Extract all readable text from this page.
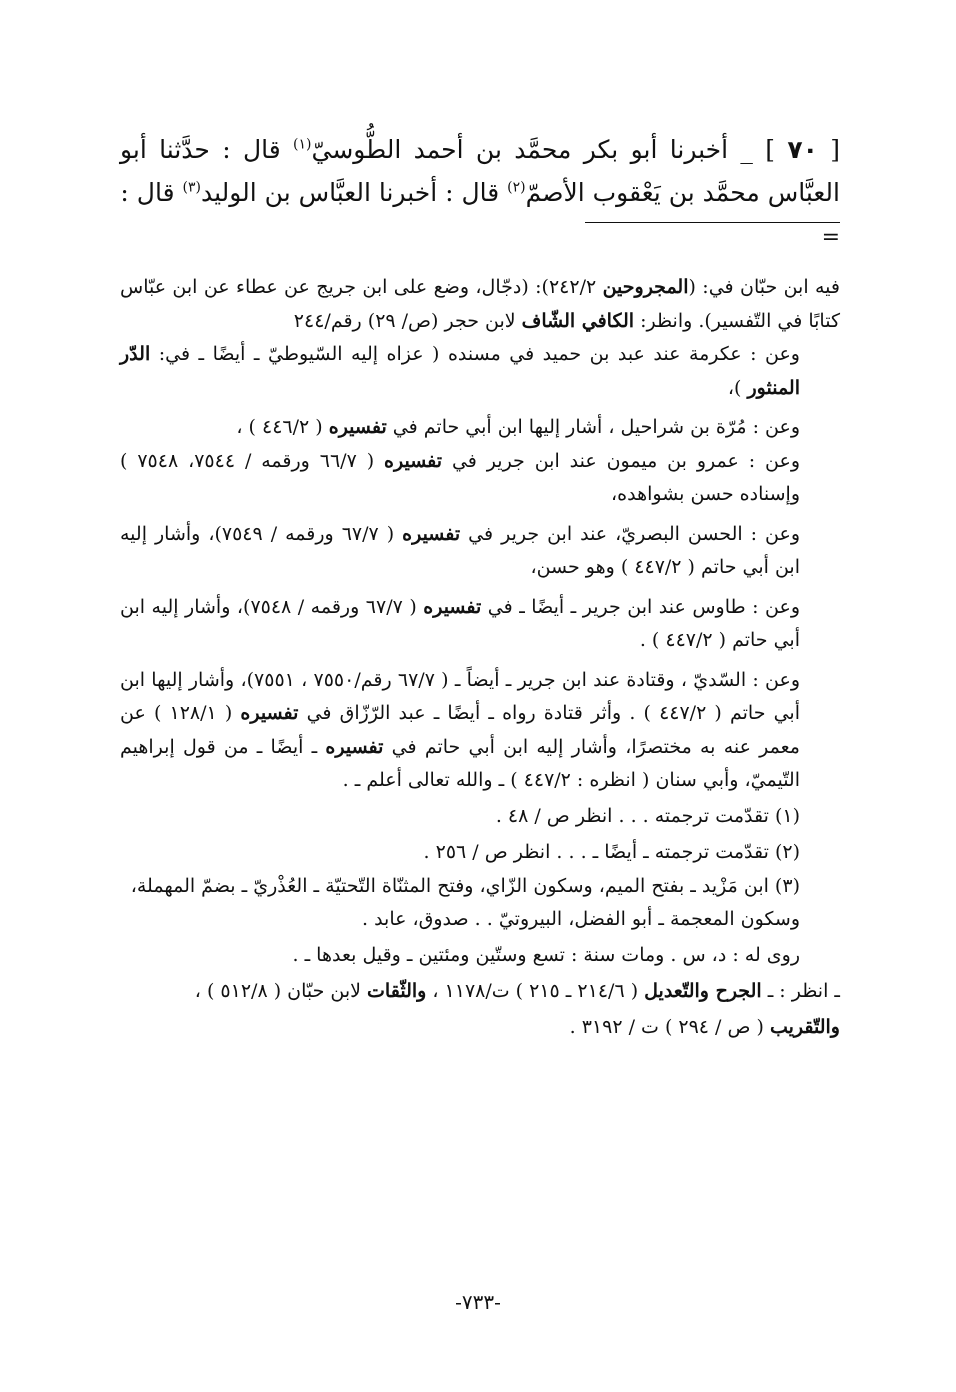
[ ٧٠ ] _ أخبرنا أبو بكر محمَّد بن أحمد الطُّوسيّ$^{(١)}$ قال : حدَّثنا أبو العبَّاس محمَّد بن يَعْقوب الأصمّ$^{(٢)}$ قال : أخبرنا العبَّاس بن الوليد$^{(٣)}$ قال :

=

فيه ابن حبّان في: (المجروحين ٢٤٢/٢): (دجّال، وضع على ابن جريج عن عطاء عن ابن عبّاس كتابًا في التّفسير). وانظر: الكافي الشّاف لابن حجر (ص/ ٢٩) رقم/٢٤٤

وعن : عكرمة عند عبد بن حميد في مسنده ( عزاه إليه السّيوطيّ ـ أيضًا ـ في: الدّر المنثور )،

وعن : مُرّة بن شراحيل ، أشار إليها ابن أبي حاتم في تفسيره ( ٤٤٦/٢ ) ،

وعن : عمرو بن ميمون عند ابن جرير في تفسيره ( ٦٦/٧ ورقمه / ٧٥٤٤، ٧٥٤٨ ) وإسناده حسن بشواهده،

وعن : الحسن البصريّ، عند ابن جرير في تفسيره ( ٦٧/٧ ورقمه / ٧٥٤٩)، وأشار إليه ابن أبي حاتم ( ٤٤٧/٢ ) وهو حسن،

وعن : طاوس عند ابن جرير ـ أيضًا ـ في تفسيره ( ٦٧/٧ ورقمه / ٧٥٤٨)، وأشار إليه ابن أبي حاتم ( ٤٤٧/٢ ) .

وعن : السّديّ ، وقتادة عند ابن جرير ـ أيضاً ـ ( ٦٧/٧ رقم/٧٥٥٠ ، ٧٥٥١)، وأشار إليها ابن أبي حاتم ( ٤٤٧/٢ ) . وأثر قتادة رواه ـ أيضًا ـ عبد الرّزّاق في تفسيره ( ١٢٨/١ ) عن معمر عنه به مختصرًا، وأشار إليه ابن أبي حاتم في تفسيره ـ أيضًا ـ من قول إبراهيم التّيميّ، وأبي سنان ( انظره : ٤٤٧/٢ ) ـ والله تعالى أعلم ـ .

(١) تقدّمت ترجمته . . . انظر ص / ٤٨ .

(٢) تقدّمت ترجمته ـ أيضًا ـ . . . انظر ص / ٢٥٦ .

(٣) ابن مَزْيد ـ بفتح الميم، وسكون الزّاي، وفتح المثنّاة التّحتيّة ـ العُذْريّ ـ بضمّ المهملة، وسكون المعجمة ـ أبو الفضل، البيروتيّ . . صدوق، عابد .

روى له : د، س . ومات سنة : تسع وستّين ومئتين ـ وقيل بعدها ـ .

ـ انظر : ـ الجرح والتّعديل ( ٢١٤/٦ ـ ٢١٥ ) ت/١١٧٨ ، والثّقات لابن حبّان ( ٥١٢/٨ ) ، والتّقريب ( ص / ٢٩٤ ) ت / ٣١٩٢ .

-٧٣٣-
